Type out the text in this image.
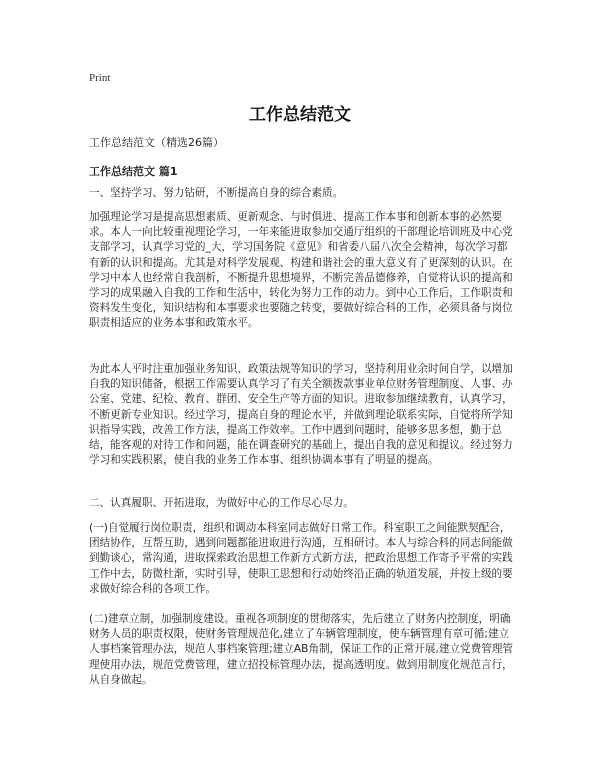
Print
工作总结范文
工作总结范文（精选26篇）
工作总结范文 篇1

一、坚持学习、努力钻研，不断提高自身的综合素质。

加强理论学习是提高思想素质、更新观念、与时俱进、提高工作本事和创新本事的必然要求。本人一向比较重视理论学习，一年来能进取参加交通厅组织的干部理论培训班及中心党支部学习，认真学习党的_大，学习国务院《意见》和省委八届八次全会精神，每次学习都有新的认识和提高。尤其是对科学发展观、构建和谐社会的重大意义有了更深刻的认识。在学习中本人也经常自我剖析，不断提升思想境界，不断完善品德修养，自觉将认识的提高和学习的成果融入自我的工作和生活中，转化为努力工作的动力。到中心工作后，工作职责和资料发生变化，知识结构和本事要求也要随之转变，要做好综合科的工作，必须具备与岗位职责相适应的业务本事和政策水平。

为此本人平时注重加强业务知识、政策法规等知识的学习，坚持利用业余时间自学，以增加自我的知识储备，根据工作需要认真学习了有关全额拨款事业单位财务管理制度、人事、办公室、党建、纪检、教育、群团、安全生产等方面的知识。进取参加继续教育，认真学习，不断更新专业知识。经过学习，提高自身的理论水平，并做到理论联系实际，自觉将所学知识指导实践，改善工作方法，提高工作效率。工作中遇到问题时，能够多思多想，勤于总结，能客观的对待工作和问题，能在调查研究的基础上，提出自我的意见和提议。经过努力学习和实践积累，使自我的业务工作本事、组织协调本事有了明显的提高。

二、认真履职、开拓进取，为做好中心的工作尽心尽力。

(一)自觉履行岗位职责，组织和调动本科室同志做好日常工作。科室职工之间能默契配合，团结协作，互帮互助，遇到问题都能进取进行沟通，互相研讨。本人与综合科的同志间能做到勤谈心，常沟通，进取探索政治思想工作新方式新方法，把政治思想工作寄予平常的实践工作中去，防微杜渐，实时引导，使职工思想和行动始终沿正确的轨道发展，并按上级的要求做好综合科的各项工作。

(二)建章立制，加强制度建设。重视各项制度的贯彻落实，先后建立了财务内控制度，明确财务人员的职责权限，使财务管理规范化,建立了车辆管理制度，使车辆管理有章可循;建立人事档案管理办法，规范人事档案管理;建立AB角制，保证工作的正常开展,建立党费管理管理使用办法，规范党费管理，建立招投标管理办法，提高透明度。做到用制度化规范言行，从自身做起。
